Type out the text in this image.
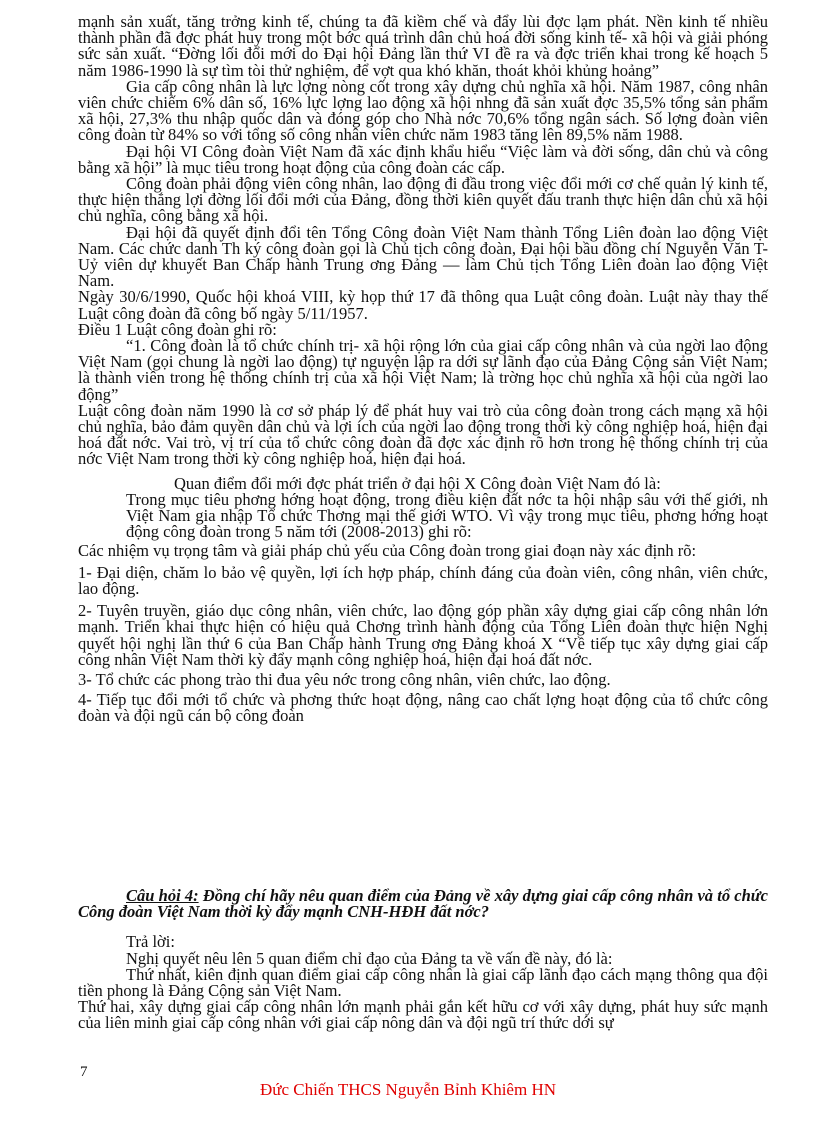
mạnh sản xuất, tăng trởng kinh tế, chúng ta đã kiềm chế và đẩy lùi đợc lạm phát. Nền kinh tế nhiều thành phần đã đợc phát huy trong một bớc quá trình dân chủ hoá đời sống kinh tế- xã hội và giải phóng sức sản xuất. “Đờng lối đổi mới do Đại hội Đảng lần thứ VI đề ra và đợc triển khai trong kế hoạch 5 năm 1986-1990 là sự tìm tòi thử nghiệm, để vợt qua khó khăn, thoát khỏi khủng hoảng”

Gia cấp công nhân là lực lợng nòng cốt trong xây dựng chủ nghĩa xã hội. Năm 1987, công nhân viên chức chiếm 6% dân số, 16% lực lợng lao động xã hội nhng đã sản xuất đợc 35,5% tổng sản phẩm xã hội, 27,3% thu nhập quốc dân và đóng góp cho Nhà nớc 70,6% tổng ngân sách. Số lợng đoàn viên công đoàn từ 84% so với tổng số công nhân viên chức năm 1983 tăng lên 89,5% năm 1988.

Đại hội VI Công đoàn Việt Nam đã xác định khẩu hiểu “Việc làm và đời sống, dân chủ và công bằng xã hội” là mục tiêu trong hoạt động của công đoàn các cấp.

Công đoàn phải động viên công nhân, lao động đi đầu trong việc đổi mới cơ chế quản lý kinh tế, thực hiện thắng lợi đờng lối đổi mới của Đảng, đồng thời kiên quyết đấu tranh thực hiện dân chủ xã hội chủ nghĩa, công bằng xã hội.

Đại hội đã quyết định đổi tên Tổng Công đoàn Việt Nam thành Tổng Liên đoàn lao động Việt Nam. Các chức danh Th ký công đoàn gọi là Chủ tịch công đoàn, Đại hội bầu đồng chí Nguyễn Văn T- Uỷ viên dự khuyết Ban Chấp hành Trung ơng Đảng — làm Chủ tịch Tổng Liên đoàn lao động Việt Nam.

Ngày 30/6/1990, Quốc hội khoá VIII, kỳ họp thứ 17 đã thông qua Luật công đoàn. Luật này thay thế Luật công đoàn đã công bố ngày 5/11/1957.

Điều 1 Luật công đoàn ghi rõ:

“1. Công đoàn là tổ chức chính trị- xã hội rộng lớn của giai cấp công nhân và của ngời lao động Việt Nam (gọi chung là ngời lao động) tự nguyện lập ra dới sự lãnh đạo của Đảng Cộng sản Việt Nam; là thành viên trong hệ thống chính trị của xã hội Việt Nam; là trờng học chủ nghĩa xã hội của ngời lao động”

Luật công đoàn năm 1990 là cơ sở pháp lý để phát huy vai trò của công đoàn trong cách mạng xã hội chủ nghĩa, bảo đảm quyền dân chủ và lợi ích của ngời lao động trong thời kỳ công nghiệp hoá, hiện đại hoá đất nớc. Vai trò, vị trí của tổ chức công đoàn đã đợc xác định rõ hơn trong hệ thống chính trị của nớc Việt Nam trong thời kỳ công nghiệp hoá, hiện đại hoá.

Quan điểm đổi mới đợc phát triển ở đại hội X Công đoàn Việt Nam đó là:

Trong mục tiêu phơng hớng hoạt động, trong điều kiện đất nớc ta hội nhập sâu với thế giới, nh Việt Nam gia nhập Tổ chức Thơng mại thế giới WTO. Vì vậy trong mục tiêu, phơng hớng hoạt động công đoàn trong 5 năm tới (2008-2013) ghi rõ:

Các nhiệm vụ trọng tâm và giải pháp chủ yếu của Công đoàn trong giai đoạn này xác định rõ:

1- Đại diện, chăm lo bảo vệ quyền, lợi ích hợp pháp, chính đáng của đoàn viên, công nhân, viên chức, lao động.

2- Tuyên truyền, giáo dục công nhân, viên chức, lao động góp phần xây dựng giai cấp công nhân lớn mạnh. Triển khai thực hiện có hiệu quả Chơng trình hành động của Tổng Liên đoàn thực hiện Nghị quyết hội nghị lần thứ 6 của Ban Chấp hành Trung ơng Đảng khoá X “Về tiếp tục xây dựng giai cấp công nhân Việt Nam thời kỳ đẩy mạnh công nghiệp hoá, hiện đại hoá đất nớc.

3- Tổ chức các phong trào thi đua yêu nớc trong công nhân, viên chức, lao động.

4- Tiếp tục đổi mới tổ chức và phơng thức hoạt động, nâng cao chất lợng hoạt động của tổ chức công đoàn và đội ngũ cán bộ công đoàn

Câu hỏi 4: Đồng chí hãy nêu quan điểm của Đảng về xây dựng giai cấp công nhân và tổ chức Công đoàn Việt Nam thời kỳ đẩy mạnh CNH-HĐH đất nớc?

Trả lời:

Nghị quyết nêu lên 5 quan điểm chỉ đạo của Đảng ta về vấn đề này, đó là:

Thứ nhất, kiên định quan điểm giai cấp công nhân là giai cấp lãnh đạo cách mạng thông qua đội tiền phong là Đảng Cộng sản Việt Nam.

Thứ hai, xây dựng giai cấp công nhân lớn mạnh phải gắn kết hữu cơ với xây dựng, phát huy sức mạnh của liên minh giai cấp công nhân với giai cấp nông dân và đội ngũ trí thức dới sự

7
Đức Chiến THCS Nguyễn Bỉnh Khiêm HN
